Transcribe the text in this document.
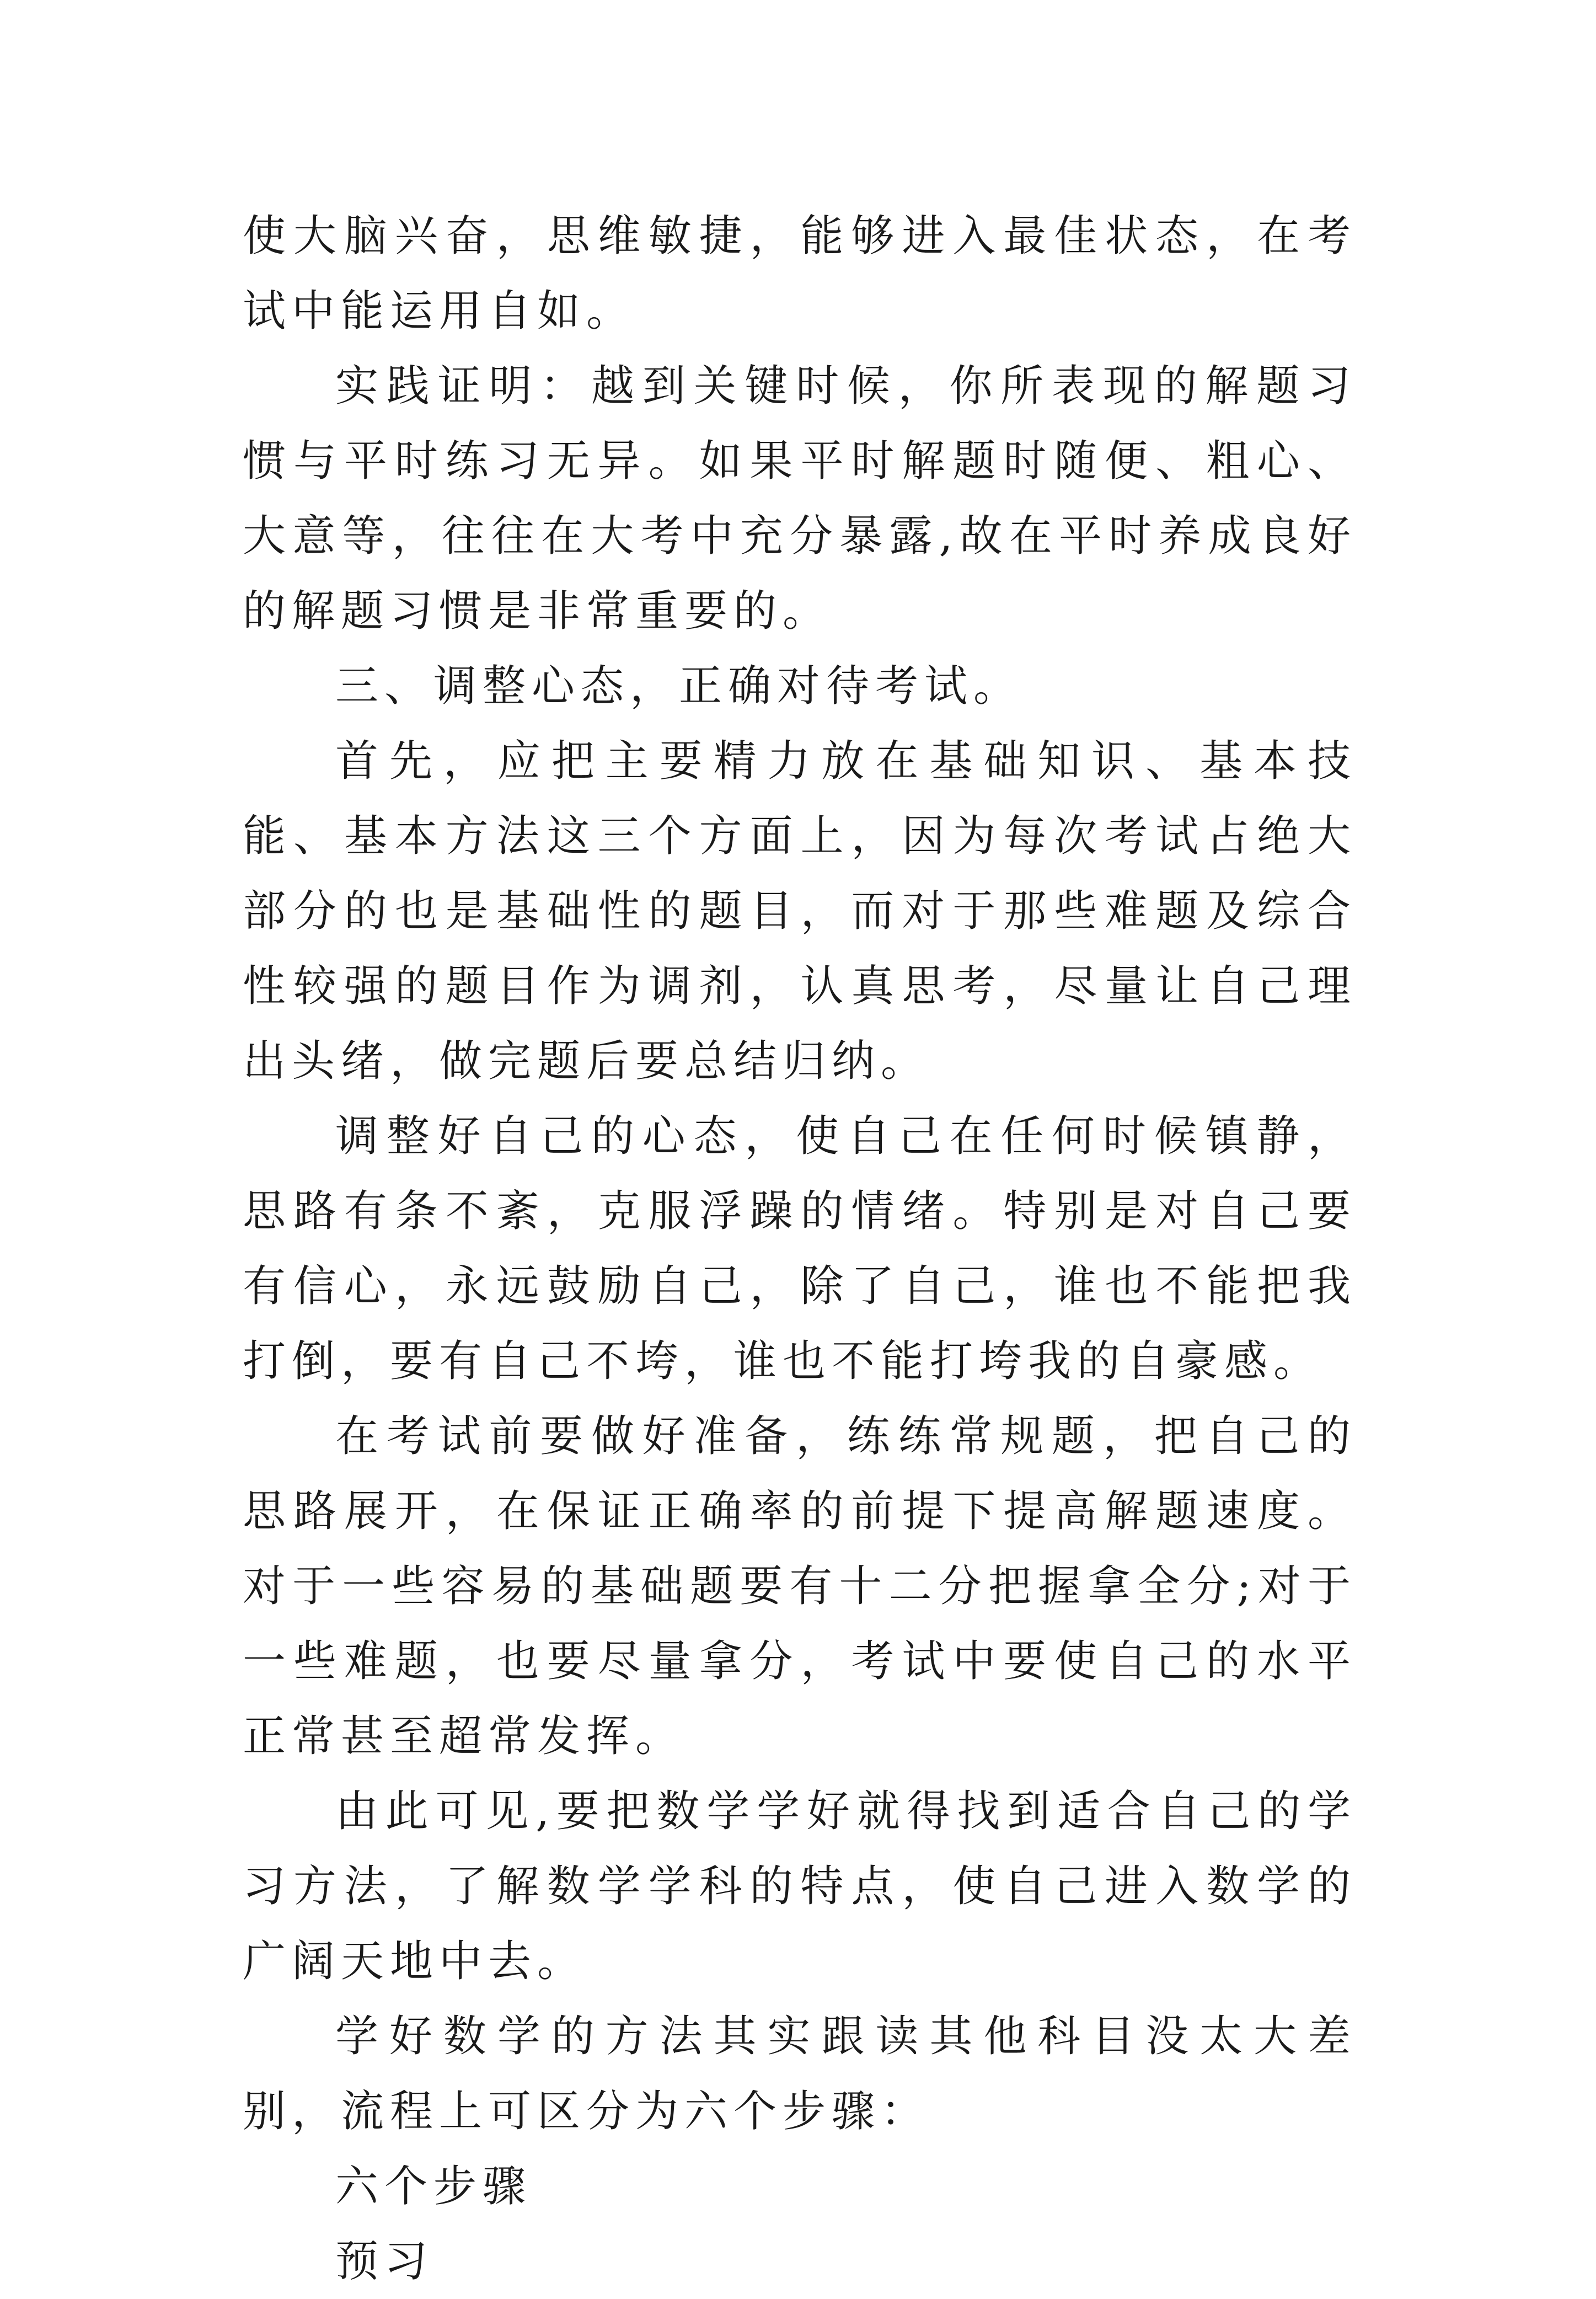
使大脑兴奋，思维敏捷，能够进入最佳状态，在考试中能运用自如。

实践证明：越到关键时候，你所表现的解题习惯与平时练习无异。如果平时解题时随便、粗心、大意等，往往在大考中充分暴露,故在平时养成良好的解题习惯是非常重要的。

三、调整心态，正确对待考试。

首先，应把主要精力放在基础知识、基本技能、基本方法这三个方面上，因为每次考试占绝大部分的也是基础性的题目，而对于那些难题及综合性较强的题目作为调剂，认真思考，尽量让自己理出头绪，做完题后要总结归纳。

调整好自己的心态，使自己在任何时候镇静，思路有条不紊，克服浮躁的情绪。特别是对自己要有信心，永远鼓励自己，除了自己，谁也不能把我打倒，要有自己不垮，谁也不能打垮我的自豪感。

在考试前要做好准备，练练常规题，把自己的思路展开，在保证正确率的前提下提高解题速度。对于一些容易的基础题要有十二分把握拿全分;对于一些难题，也要尽量拿分，考试中要使自己的水平正常甚至超常发挥。

由此可见,要把数学学好就得找到适合自己的学习方法，了解数学学科的特点，使自己进入数学的广阔天地中去。

学好数学的方法其实跟读其他科目没太大差别，流程上可区分为六个步骤：

六个步骤

预习
